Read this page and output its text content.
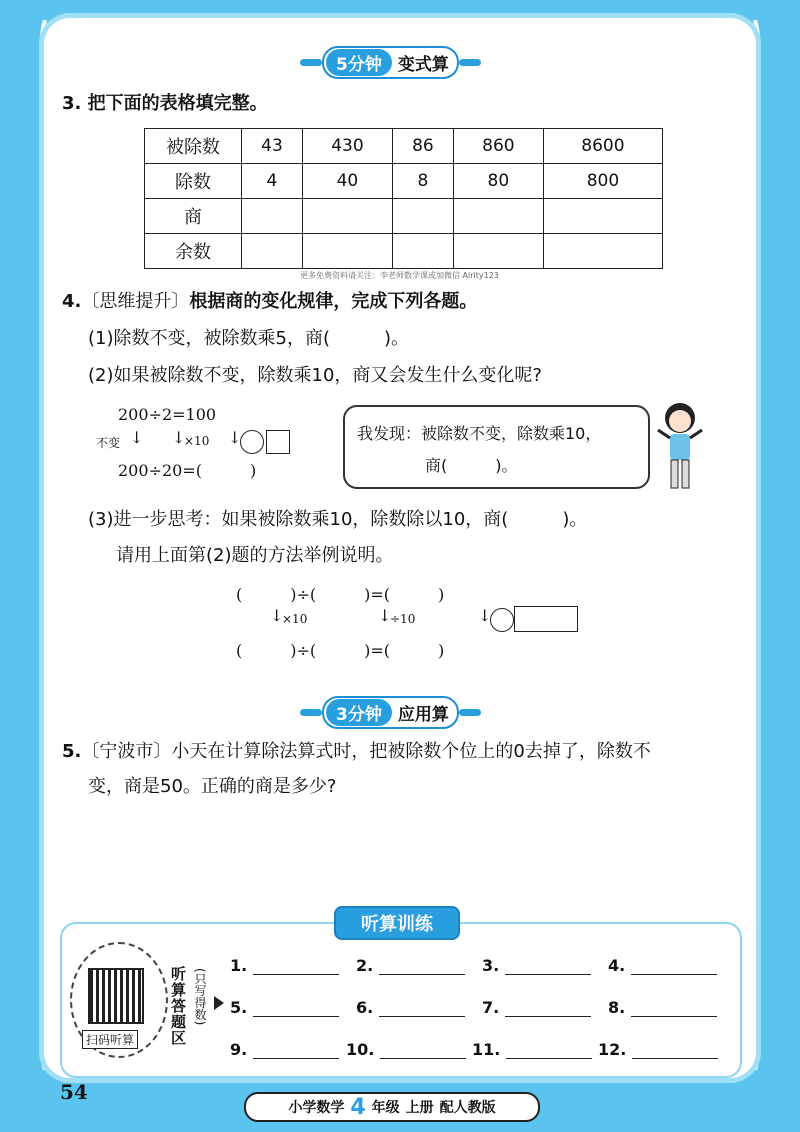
5分钟 变式算
3. 把下面的表格填完整。
被除数	43	430	86	860	8600
除数	4	40	8	80	800
商					
余数					
更多免费资料请关注：李老师数学课或加微信 Airity123
4.〔思维提升〕根据商的变化规律，完成下列各题。
(1)除数不变，被除数乘5，商(　　　)。
(2)如果被除数不变，除数乘10，商又会发生什么变化呢?
200÷2=100
不变 ↓ ↓
×10 ↓
200÷20=(　　　)
我发现：被除数不变，除数乘10，
商(　　　)。
(3)进一步思考：如果被除数乘10，除数除以10，商(　　　)。
请用上面第(2)题的方法举例说明。
(　　　)÷(　　　)=(　　　)
↓
×10	↓
÷10	↓
(　　　)÷(　　　)=(　　　)
3分钟 应用算
5.〔宁波市〕小天在计算除法算式时，把被除数个位上的0去掉了，除数不
变，商是50。正确的商是多少?
听算训练
扫码听算 听算答题区 (只写得数)
1.	2.	3.	4.
5.	6.	7.	8.
9.	10.	11.	12.
54
小学数学 4 年级 上册 配人教版
